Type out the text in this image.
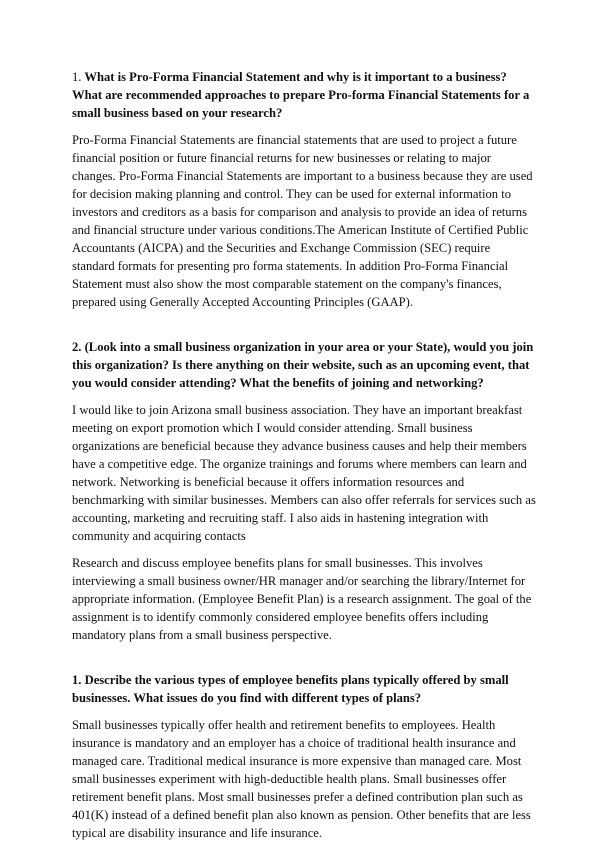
1. What is Pro-Forma Financial Statement and why is it important to a business? What are recommended approaches to prepare Pro-forma Financial Statements for a small business based on your research?

Pro-Forma Financial Statements are financial statements that are used to project a future financial position or future financial returns for new businesses or relating to major changes. Pro-Forma Financial Statements are important to a business because they are used for decision making planning and control. They can be used for external information to investors and creditors as a basis for comparison and analysis to provide an idea of returns and financial structure under various conditions.The American Institute of Certified Public Accountants (AICPA) and the Securities and Exchange Commission (SEC) require standard formats for presenting pro forma statements. In addition Pro-Forma Financial Statement must also show the most comparable statement on the company's finances, prepared using Generally Accepted Accounting Principles (GAAP).

2. (Look into a small business organization in your area or your State), would you join this organization? Is there anything on their website, such as an upcoming event, that you would consider attending? What the benefits of joining and networking?

I would like to join Arizona small business association. They have an important breakfast meeting on export promotion which I would consider attending. Small business organizations are beneficial because they advance business causes and help their members have a competitive edge. The organize trainings and forums where members can learn and network. Networking is beneficial because it offers information resources and benchmarking with similar businesses. Members can also offer referrals for services such as accounting, marketing and recruiting staff. I also aids in hastening integration with community and acquiring contacts

Research and discuss employee benefits plans for small businesses. This involves interviewing a small business owner/HR manager and/or searching the library/Internet for appropriate information. (Employee Benefit Plan) is a research assignment. The goal of the assignment is to identify commonly considered employee benefits offers including mandatory plans from a small business perspective.

1. Describe the various types of employee benefits plans typically offered by small businesses. What issues do you find with different types of plans?

Small businesses typically offer health and retirement benefits to employees. Health insurance is mandatory and an employer has a choice of traditional health insurance and managed care. Traditional medical insurance is more expensive than managed care. Most small businesses experiment with high-deductible health plans. Small businesses offer retirement benefit plans. Most small businesses prefer a defined contribution plan such as 401(K) instead of a defined benefit plan also known as pension. Other benefits that are less typical are disability insurance and life insurance.
